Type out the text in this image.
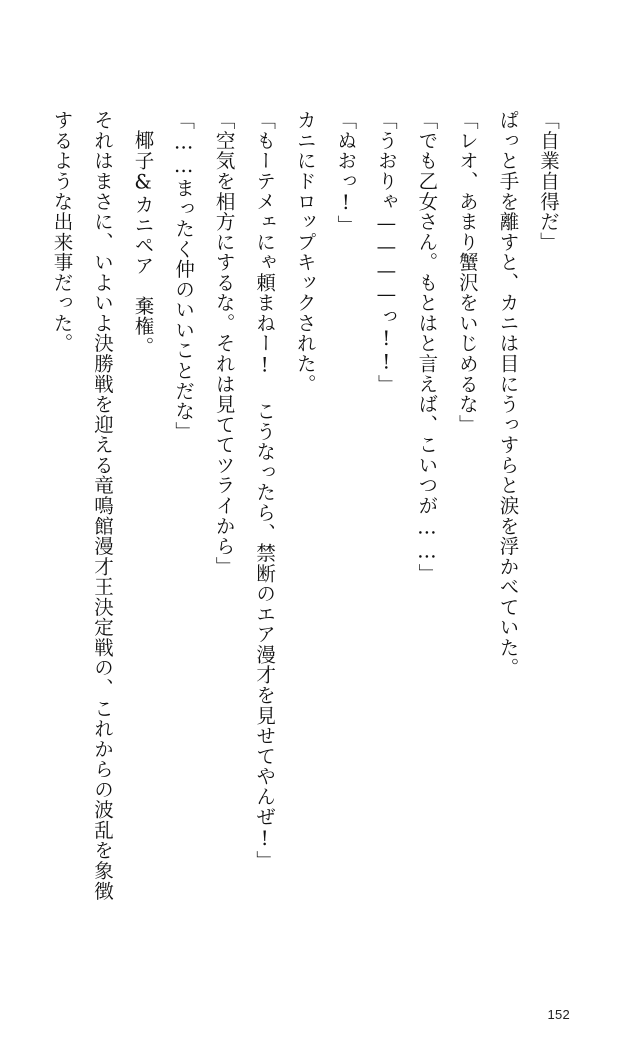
「自業自得だ」
ぱっと手を離すと、カニは目にうっすらと涙を浮かべていた。
「レオ、あまり蟹沢をいじめるな」
「でも乙女さん。もとはと言えば、こいつが……」
「うおりゃ————っ!!」
「ぬおっ!」
カニにドロップキックされた。
「もーテメェにゃ頼まねー! こうなったら、禁断のエア漫才を見せてやんぜ!」
「空気を相方にするな。それは見ててツライから」
「……まったく仲のいいことだな」
椰子&カニペア　棄権。
それはまさに、いよいよ決勝戦を迎える竜鳴館漫才王決定戦の、これからの波乱を象徴
するような出来事だった。
152
